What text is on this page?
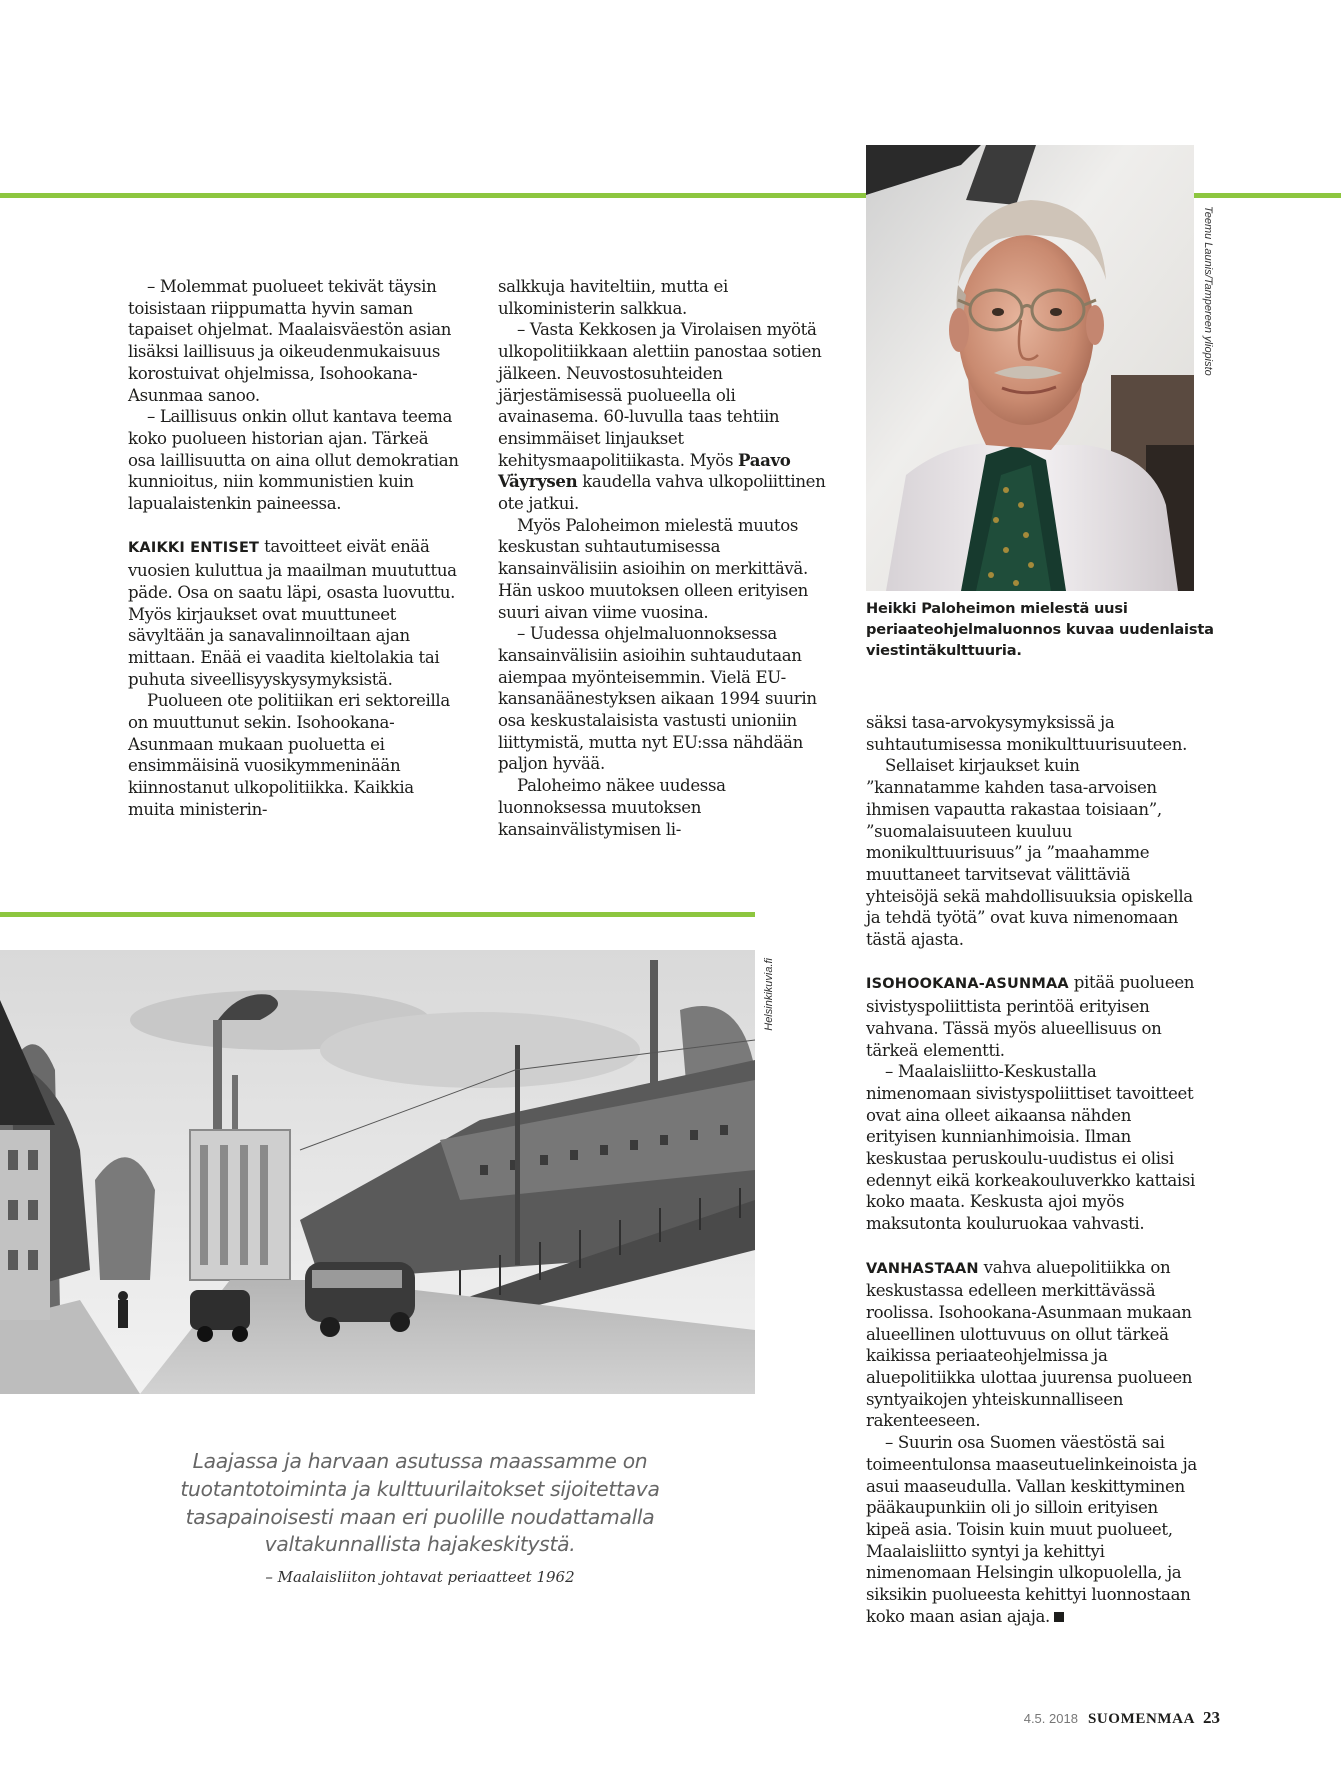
– Molemmat puolueet tekivät täysin toisistaan riippumatta hyvin saman tapaiset ohjelmat. Maalaisväestön asian lisäksi laillisuus ja oikeudenmukaisuus korostuivat ohjelmissa, Isohookana-Asunmaa sanoo.

– Laillisuus onkin ollut kantava teema koko puolueen historian ajan. Tärkeä osa laillisuutta on aina ollut demokratian kunnioitus, niin kommunistien kuin lapualaistenkin paineessa.

KAIKKI ENTISET tavoitteet eivät enää vuosien kuluttua ja maailman muututtua päde. Osa on saatu läpi, osasta luovuttu. Myös kirjaukset ovat muuttuneet sävyltään ja sanavalinnoiltaan ajan mittaan. Enää ei vaadita kieltolakia tai puhuta siveellisyyskysymyksistä.

Puolueen ote politiikan eri sektoreilla on muuttunut sekin. Isohookana-Asunmaan mukaan puoluetta ei ensimmäisinä vuosikymmeninään kiinnostanut ulkopolitiikka. Kaikkia muita ministerin-

salkkuja haviteltiin, mutta ei ulkoministerin salkkua.

– Vasta Kekkosen ja Virolaisen myötä ulkopolitiikkaan alettiin panostaa sotien jälkeen. Neuvostosuhteiden järjestämisessä puolueella oli avainasema. 60-luvulla taas tehtiin ensimmäiset linjaukset kehitysmaapolitiikasta. Myös Paavo Väyrysen kaudella vahva ulkopoliittinen ote jatkui.

Myös Paloheimon mielestä muutos keskustan suhtautumisessa kansainvälisiin asioihin on merkittävä. Hän uskoo muutoksen olleen erityisen suuri aivan viime vuosina.

– Uudessa ohjelmaluonnoksessa kansainvälisiin asioihin suhtaudutaan aiempaa myönteisemmin. Vielä EU-kansanäänestyksen aikaan 1994 suurin osa keskustalaisista vastusti unioniin liittymistä, mutta nyt EU:ssa nähdään paljon hyvää.

Paloheimo näkee uudessa luonnoksessa muutoksen kansainvälistymisen li-

säksi tasa-arvokysymyksissä ja suhtautumisessa monikulttuurisuuteen.

Sellaiset kirjaukset kuin ”kannatamme kahden tasa-arvoisen ihmisen vapautta rakastaa toisiaan”, ”suomalaisuuteen kuuluu monikulttuurisuus” ja ”maahamme muuttaneet tarvitsevat välittäviä yhteisöjä sekä mahdollisuuksia opiskella ja tehdä työtä” ovat kuva nimenomaan tästä ajasta.

ISOHOOKANA-ASUNMAA pitää puolueen sivistyspoliittista perintöä erityisen vahvana. Tässä myös alueellisuus on tärkeä elementti.

– Maalaisliitto-Keskustalla nimenomaan sivistyspoliittiset tavoitteet ovat aina olleet aikaansa nähden erityisen kunnianhimoisia. Ilman keskustaa peruskoulu-uudistus ei olisi edennyt eikä korkeakouluverkko kattaisi koko maata. Keskusta ajoi myös maksutonta kouluruokaa vahvasti.

VANHASTAAN vahva aluepolitiikka on keskustassa edelleen merkittävässä roolissa. Isohookana-Asunmaan mukaan alueellinen ulottuvuus on ollut tärkeä kaikissa periaateohjelmissa ja aluepolitiikka ulottaa juurensa puolueen syntyaikojen yhteiskunnalliseen rakenteeseen.

– Suurin osa Suomen väestöstä sai toimeentulonsa maaseutuelinkeinoista ja asui maaseudulla. Vallan keskittyminen pääkaupunkiin oli jo silloin erityisen kipeä asia. Toisin kuin muut puolueet, Maalaisliitto syntyi ja kehittyi nimenomaan Helsingin ulkopuolella, ja siksikin puolueesta kehittyi luonnostaan koko maan asian ajaja.

Teemu Launis/Tampereen yliopisto
Heikki Paloheimon mielestä uusi periaateohjelmaluonnos kuvaa uudenlaista viestintäkulttuuria.
Helsinkikuvia.fi
Laajassa ja harvaan asutussa maassamme on tuotantotoiminta ja kulttuurilaitokset sijoitettava tasapainoisesti maan eri puolille noudattamalla valtakunnallista hajakeskitystä.
– Maalaisliiton johtavat periaatteet 1962
4.5. 2018 SUOMENMAA 23
